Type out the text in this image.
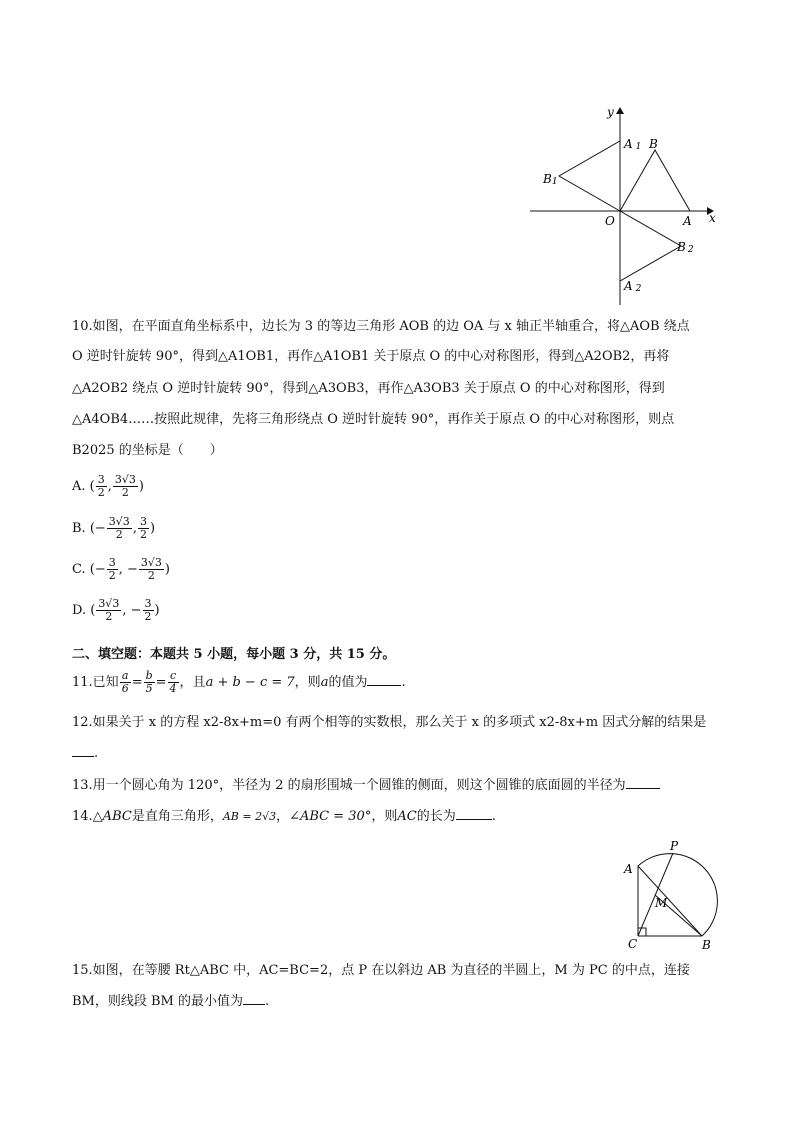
y
x
O	A
B
A 1
B1
B 2
A 2
10.如图，在平面直角坐标系中，边长为 3 的等边三角形 AOB 的边 OA 与 x 轴正半轴重合，将△AOB 绕点
O 逆时针旋转 90°，得到△A1OB1，再作△A1OB1 关于原点 O 的中心对称图形，得到△A2OB2，再将
△A2OB2 绕点 O 逆时针旋转 90°，得到△A3OB3，再作△A3OB3 关于原点 O 的中心对称图形，得到
△A4OB4……按照此规律，先将三角形绕点 O 逆时针旋转 90°，再作关于原点 O 的中心对称图形，则点
B2025 的坐标是（　　）
A. ( $\frac{3}{2}$ , $\frac{3√3}{2}$ )
B. (− $\frac{3√3}{2}$ , $\frac{3}{2}$ )
C. (− $\frac{3}{2}$ , − $\frac{3√3}{2}$ )
D. ( $\frac{3√3}{2}$ , − $\frac{3}{2}$ )
二、填空题：本题共 5 小题，每小题 3 分，共 15 分。
11.已知 $\frac{a}{6} = \frac{b}{5} = \frac{c}{4}$ ，且a + b − c = 7，则a的值为	.
12.如果关于 x 的方程 x2-8x+m=0 有两个相等的实数根，那么关于 x 的多项式 x2-8x+m 因式分解的结果是
.
13.用一个圆心角为 120°，半径为 2 的扇形围城一个圆锥的侧面，则这个圆锥的底面圆的半径为
14.△ABC是直角三角形，AB = 2√3，∠ABC = 30°，则AC的长为	.
P
A
M
C	B
15.如图，在等腰 Rt△ABC 中，AC=BC=2，点 P 在以斜边 AB 为直径的半圆上，M 为 PC 的中点，连接
BM，则线段 BM 的最小值为 .
